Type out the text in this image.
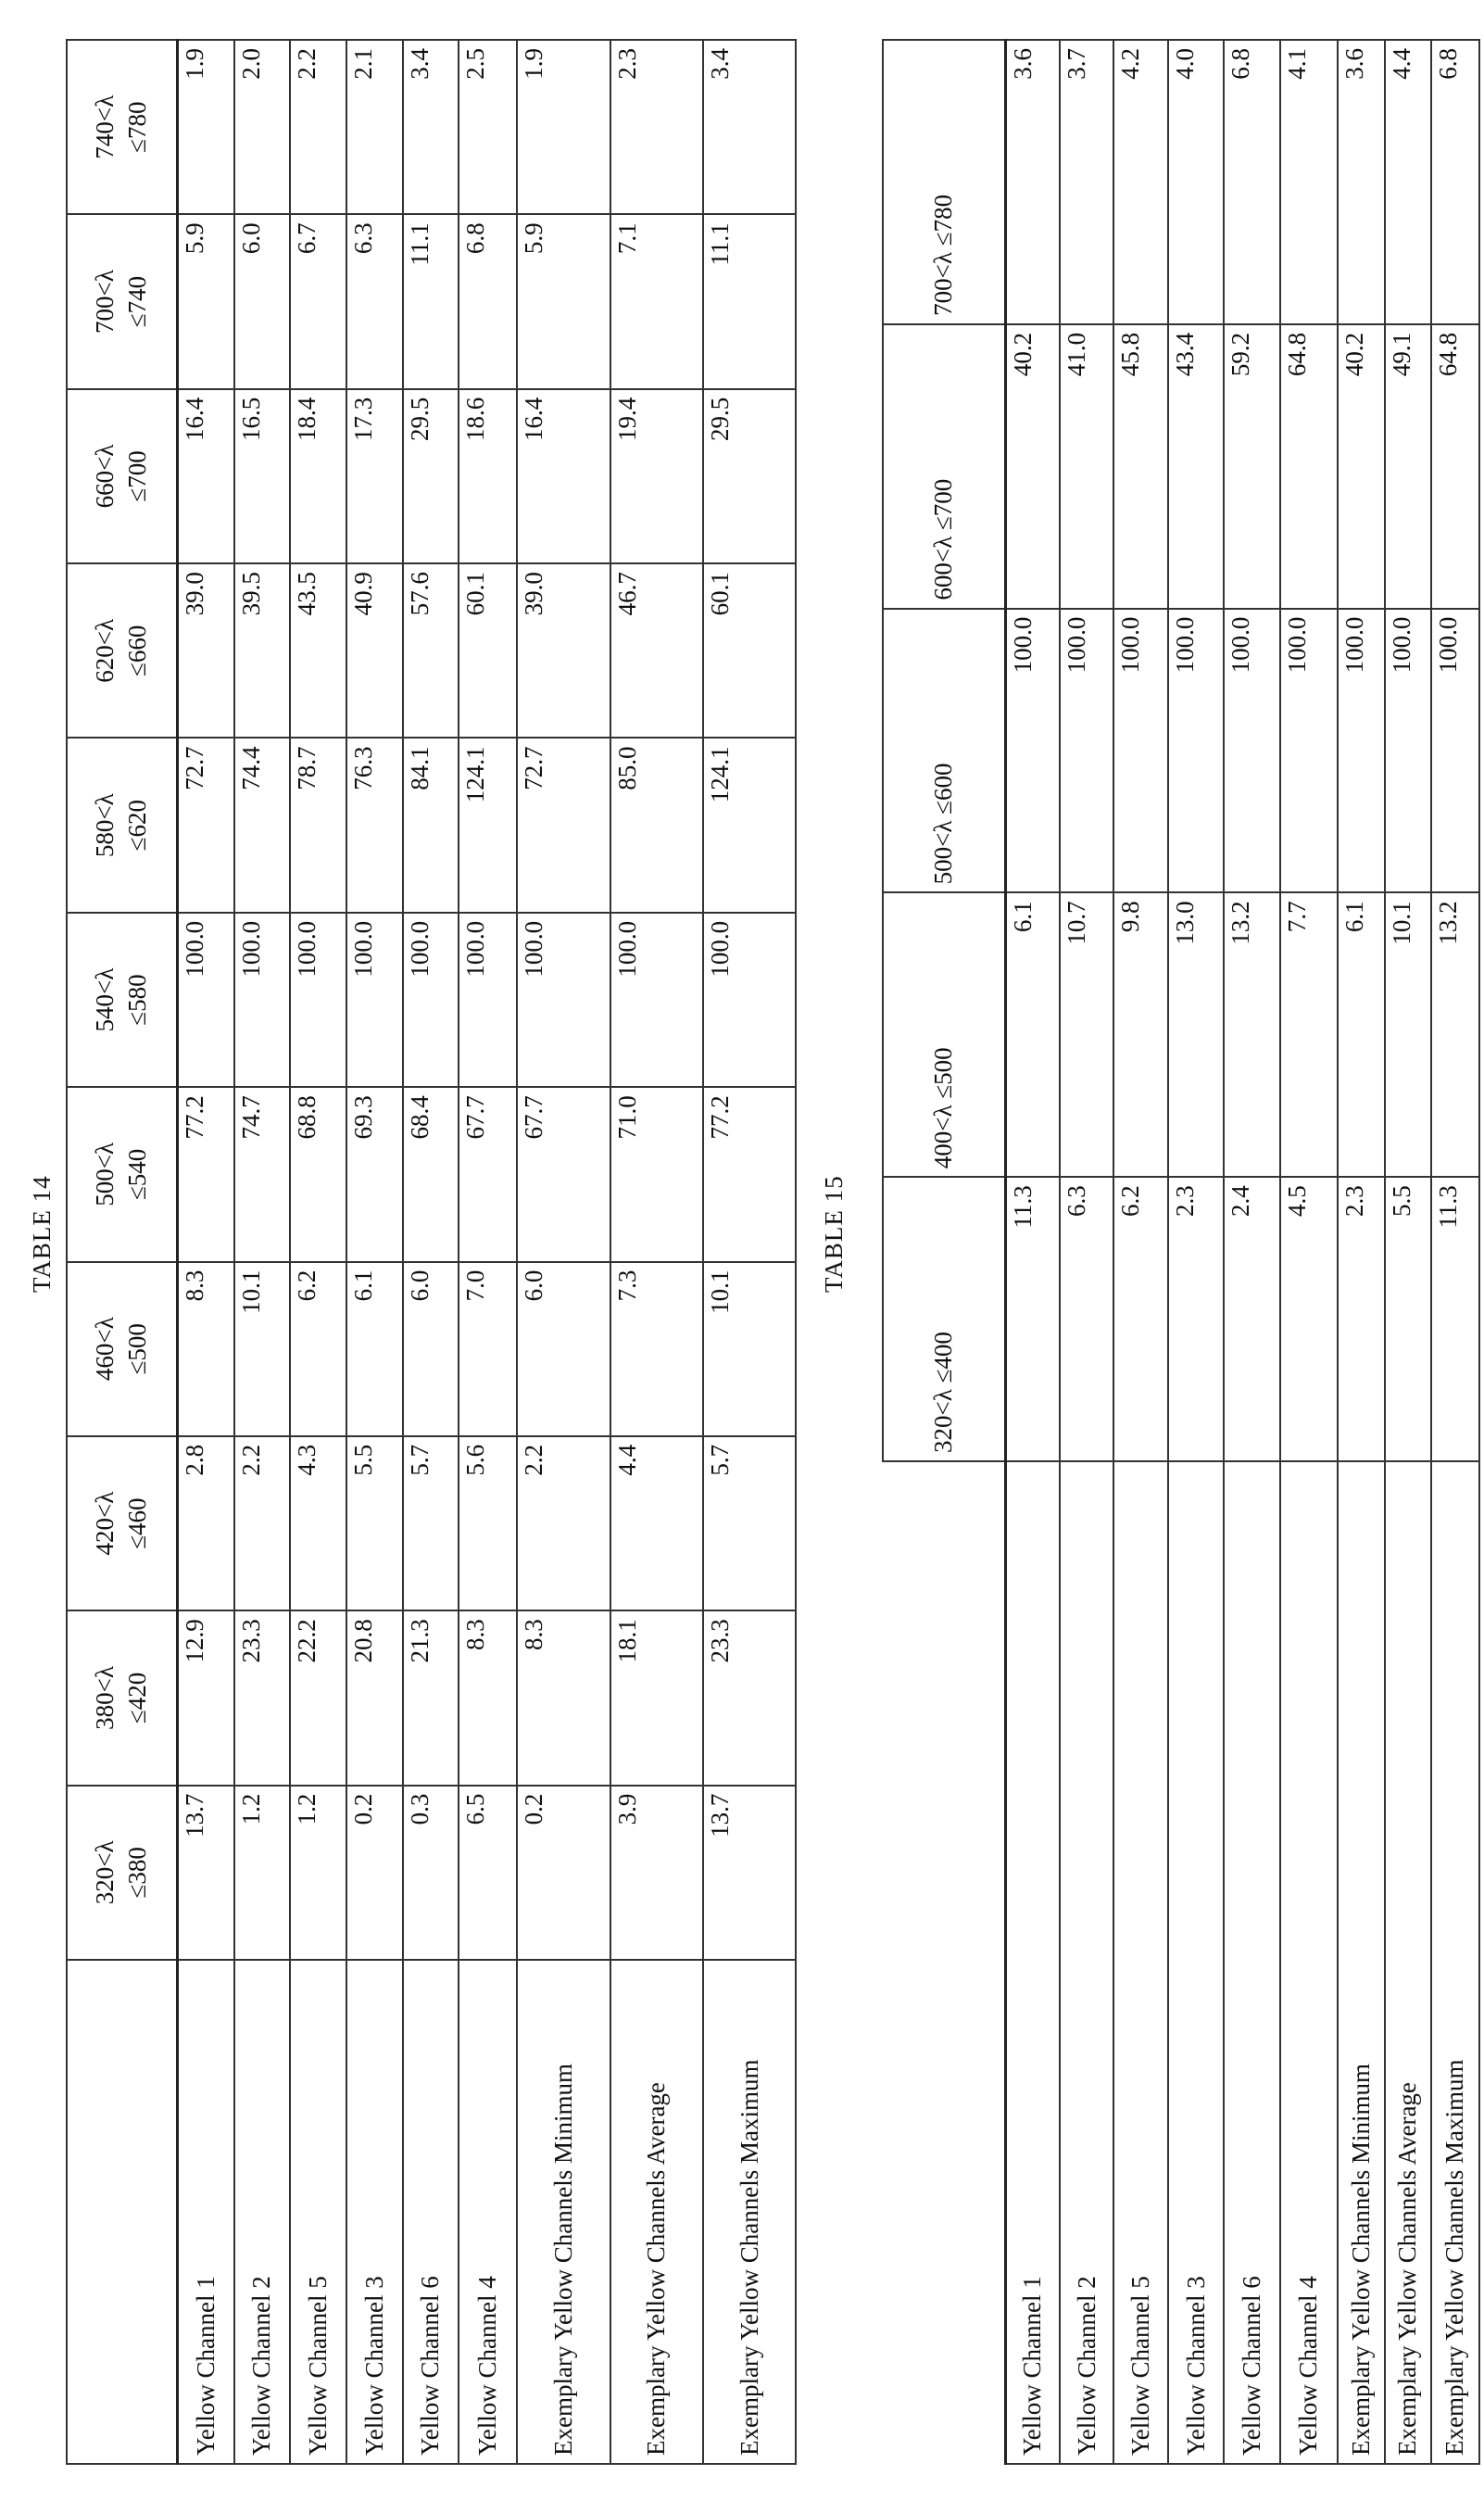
TABLE 14	TABLE 15

320<λ ≤380

380<λ ≤420

420<λ ≤460

460<λ ≤500

500<λ ≤540

540<λ ≤580

580<λ ≤620

620<λ ≤660

660<λ ≤700

700<λ ≤740

740<λ ≤780

Yellow Channel 1	13.7	12.9	2.8	8.3	77.2	100.0	72.7	39.0	16.4	5.9	1.9
Yellow Channel 2	1.2	23.3	2.2	10.1	74.7	100.0	74.4	39.5	16.5	6.0	2.0
Yellow Channel 5	1.2	22.2	4.3	6.2	68.8	100.0	78.7	43.5	18.4	6.7	2.2
Yellow Channel 3	0.2	20.8	5.5	6.1	69.3	100.0	76.3	40.9	17.3	6.3	2.1
Yellow Channel 6	0.3	21.3	5.7	6.0	68.4	100.0	84.1	57.6	29.5	11.1	3.4
Yellow Channel 4	6.5	8.3	5.6	7.0	67.7	100.0	124.1	60.1	18.6	6.8	2.5
Exemplary Yellow Channels Minimum	0.2	8.3	2.2	6.0	67.7	100.0	72.7	39.0	16.4	5.9	1.9
Exemplary Yellow Channels Average	3.9	18.1	4.4	7.3	71.0	100.0	85.0	46.7	19.4	7.1	2.3
Exemplary Yellow Channels Maximum	13.7	23.3	5.7	10.1	77.2	100.0	124.1	60.1	29.5	11.1	3.4
	320<λ ≤400	400<λ ≤500	500<λ ≤600	600<λ ≤700	700<λ ≤780
Yellow Channel 1	11.3	6.1	100.0	40.2	3.6
Yellow Channel 2	6.3	10.7	100.0	41.0	3.7
Yellow Channel 5	6.2	9.8	100.0	45.8	4.2
Yellow Channel 3	2.3	13.0	100.0	43.4	4.0
Yellow Channel 6	2.4	13.2	100.0	59.2	6.8
Yellow Channel 4	4.5	7.7	100.0	64.8	4.1
Exemplary Yellow Channels Minimum	2.3	6.1	100.0	40.2	3.6
Exemplary Yellow Channels Average	5.5	10.1	100.0	49.1	4.4
Exemplary Yellow Channels Maximum	11.3	13.2	100.0	64.8	6.8
